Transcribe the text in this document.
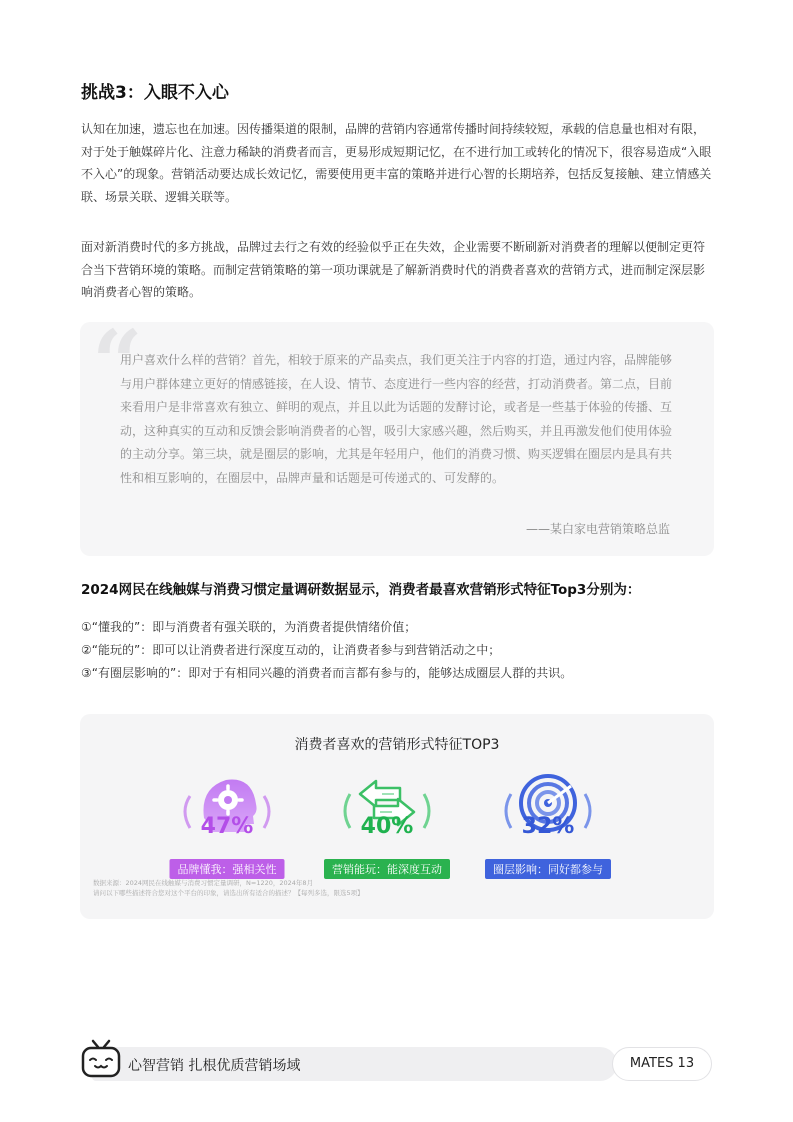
挑战3：入眼不入心

认知在加速，遗忘也在加速。因传播渠道的限制，品牌的营销内容通常传播时间持续较短，承载的信息量也相对有限，对于处于触媒碎片化、注意力稀缺的消费者而言，更易形成短期记忆，在不进行加工或转化的情况下，很容易造成“入眼不入心”的现象。营销活动要达成长效记忆，需要使用更丰富的策略并进行心智的长期培养，包括反复接触、建立情感关联、场景关联、逻辑关联等。

面对新消费时代的多方挑战，品牌过去行之有效的经验似乎正在失效，企业需要不断刷新对消费者的理解以便制定更符合当下营销环境的策略。而制定营销策略的第一项功课就是了解新消费时代的消费者喜欢的营销方式，进而制定深层影响消费者心智的策略。

“

用户喜欢什么样的营销？首先，相较于原来的产品卖点，我们更关注于内容的打造，通过内容，品牌能够与用户群体建立更好的情感链接，在人设、情节、态度进行一些内容的经营，打动消费者。第二点，目前来看用户是非常喜欢有独立、鲜明的观点，并且以此为话题的发酵讨论，或者是一些基于体验的传播、互动，这种真实的互动和反馈会影响消费者的心智，吸引大家感兴趣，然后购买，并且再激发他们使用体验的主动分享。第三块，就是圈层的影响，尤其是年轻用户，他们的消费习惯、购买逻辑在圈层内是具有共性和相互影响的，在圈层中，品牌声量和话题是可传递式的、可发酵的。

——某白家电营销策略总监
2024网民在线触媒与消费习惯定量调研数据显示，消费者最喜欢营销形式特征Top3分别为：
①“懂我的”：即与消费者有强关联的，为消费者提供情绪价值；
②“能玩的”：即可以让消费者进行深度互动的，让消费者参与到营销活动之中；
③“有圈层影响的”：即对于有相同兴趣的消费者而言都有参与的，能够达成圈层人群的共识。
消费者喜欢的营销形式特征TOP3
47%
品牌懂我：强相关性
40%
营销能玩：能深度互动
32%
圈层影响：同好都参与

数据来源：2024网民在线触媒与消费习惯定量调研，N=1220，2024年8月
请问以下哪些描述符合您对这个平台的印象，请选出所有适合的描述？【每列多选，限选5项】

心智营销 扎根优质营销场域	MATES 13
